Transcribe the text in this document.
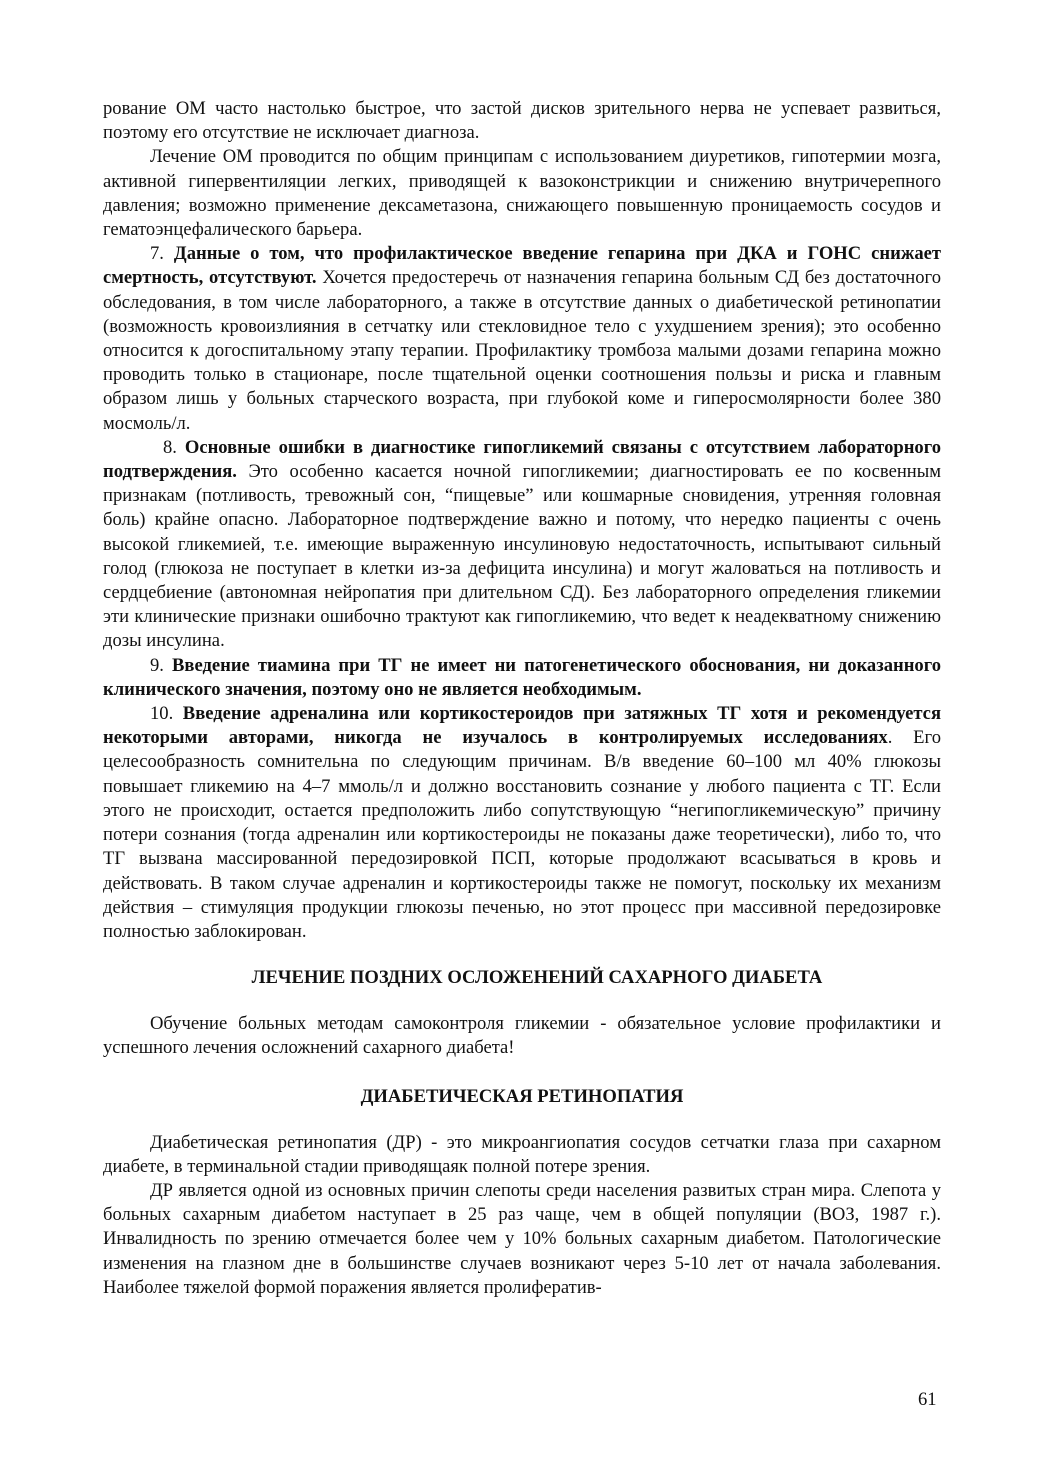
рование ОМ часто настолько быстрое, что застой дисков зрительного нерва не успевает развиться, поэтому его отсутствие не исключает диагноза.

Лечение ОМ проводится по общим принципам с использованием диуретиков, гипотермии мозга, активной гипервентиляции легких, приводящей к вазоконстрикции и снижению внутричерепного давления; возможно применение дексаметазона, снижающего повышенную проницаемость сосудов и гематоэнцефалического барьера.

7. Данные о том, что профилактическое введение гепарина при ДКА и ГОНС снижает смертность, отсутствуют. Хочется предостеречь от назначения гепарина больным СД без достаточного обследования, в том числе лабораторного, а также в отсутствие данных о диабетической ретинопатии (возможность кровоизлияния в сетчатку или стекловидное тело с ухудшением зрения); это особенно относится к догоспитальному этапу терапии. Профилактику тромбоза малыми дозами гепарина можно проводить только в стационаре, после тщательной оценки соотношения пользы и риска и главным образом лишь у больных старческого возраста, при глубокой коме и гиперосмолярности более 380 мосмоль/л.

8. Основные ошибки в диагностике гипогликемий связаны с отсутствием лабораторного подтверждения. Это особенно касается ночной гипогликемии; диагностировать ее по косвенным признакам (потливость, тревожный сон, “пищевые” или кошмарные сновидения, утренняя головная боль) крайне опасно. Лабораторное подтверждение важно и потому, что нередко пациенты с очень высокой гликемией, т.е. имеющие выраженную инсулиновую недостаточность, испытывают сильный голод (глюкоза не поступает в клетки из-за дефицита инсулина) и могут жаловаться на потливость и сердцебиение (автономная нейропатия при длительном СД). Без лабораторного определения гликемии эти клинические признаки ошибочно трактуют как гипогликемию, что ведет к неадекватному снижению дозы инсулина.

9. Введение тиамина при ТГ не имеет ни патогенетического обоснования, ни доказанного клинического значения, поэтому оно не является необходимым.

10. Введение адреналина или кортикостероидов при затяжных ТГ хотя и рекомендуется некоторыми авторами, никогда не изучалось в контролируемых исследованиях. Его целесообразность сомнительна по следующим причинам. В/в введение 60–100 мл 40% глюкозы повышает гликемию на 4–7 ммоль/л и должно восстановить сознание у любого пациента с ТГ. Если этого не происходит, остается предположить либо сопутствующую “негипогликемическую” причину потери сознания (тогда адреналин или кортикостероиды не показаны даже теоретически), либо то, что ТГ вызвана массированной передозировкой ПСП, которые продолжают всасываться в кровь и действовать. В таком случае адреналин и кортикостероиды также не помогут, поскольку их механизм действия – стимуляция продукции глюкозы печенью, но этот процесс при массивной передозировке полностью заблокирован.

ЛЕЧЕНИЕ ПОЗДНИХ ОСЛОЖЕНЕНИЙ САХАРНОГО ДИАБЕТА

Обучение больных методам самоконтроля гликемии - обязательное условие профилактики и успешного лечения осложнений сахарного диабета!

ДИАБЕТИЧЕСКАЯ РЕТИНОПАТИЯ

Диабетическая ретинопатия (ДР) - это микроангиопатия сосудов сетчатки глаза при сахарном диабете, в терминальной стадии приводящаяк полной потере зрения.

ДР является одной из основных причин слепоты среди населения развитых стран мира. Слепота у больных сахарным диабетом наступает в 25 раз чаще, чем в общей популяции (ВОЗ, 1987 г.). Инвалидность по зрению отмечается более чем у 10% больных сахарным диабетом. Патологические изменения на глазном дне в большинстве случаев возникают через 5-10 лет от начала заболевания. Наиболее тяжелой формой поражения является пролифератив-

61
